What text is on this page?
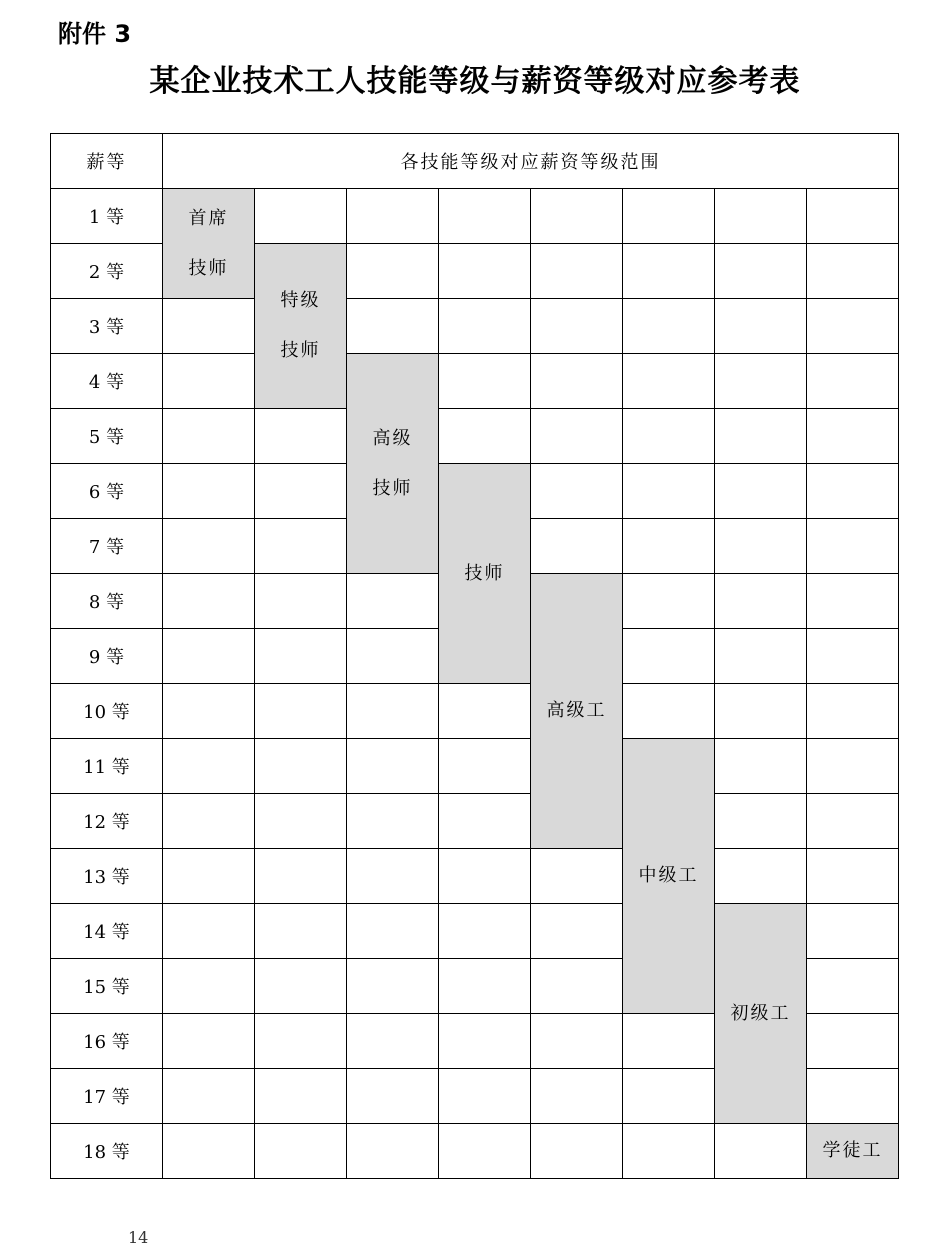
附件 3
某企业技术工人技能等级与薪资等级对应参考表
薪等	各技能等级对应薪资等级范围							
1 等	首席
技师							
2 等		特级
技师						
3 等								
4 等			高级
技师					
5 等								
6 等				技师				
7 等								
8 等					高级工			
9 等								
10 等								
11 等						中级工		
12 等								
13 等								
14 等							初级工	
15 等								
16 等								
17 等								
18 等								学徒工
14
